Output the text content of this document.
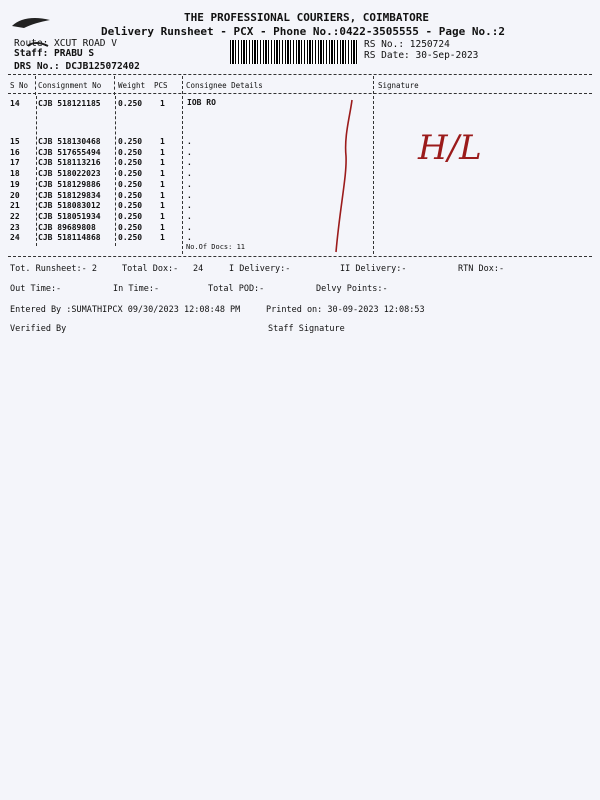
THE PROFESSIONAL COURIERS, COIMBATORE
Delivery Runsheet - PCX - Phone No.:0422-3505555 - Page No.:2
Route: XCUT ROAD V
Staff: PRABU S
DRS No.: DCJB125072402
RS No.: 1250724
RS Date: 30-Sep-2023
S No Consignment No Weight PCS Consignee Details	Signature
14 CJB 518121185 0.250 1	IOB RO
15 CJB 518130468 0.250 1	.
16 CJB 517655494 0.250 1	.
17 CJB 518113216 0.250 1	.
18 CJB 518022023 0.250 1	.
19 CJB 518129886 0.250 1	.
20 CJB 518129834 0.250 1	.
21 CJB 518083012 0.250 1	.
22 CJB 518051934 0.250 1	.
23 CJB 89689808	0.250 1	.
24 CJB 518114868 0.250 1	.
No.Of Docs: 11
H/L
Tot. Runsheet:- 2	Total Dox:- 24	I Delivery:-	II Delivery:-	RTN Dox:-
Out Time:-	In Time:-	Total POD:-	Delvy Points:-
Entered By :SUMATHIPCX 09/30/2023 12:08:48 PM	Printed on: 30-09-2023 12:08:53
Verified By	Staff Signature
